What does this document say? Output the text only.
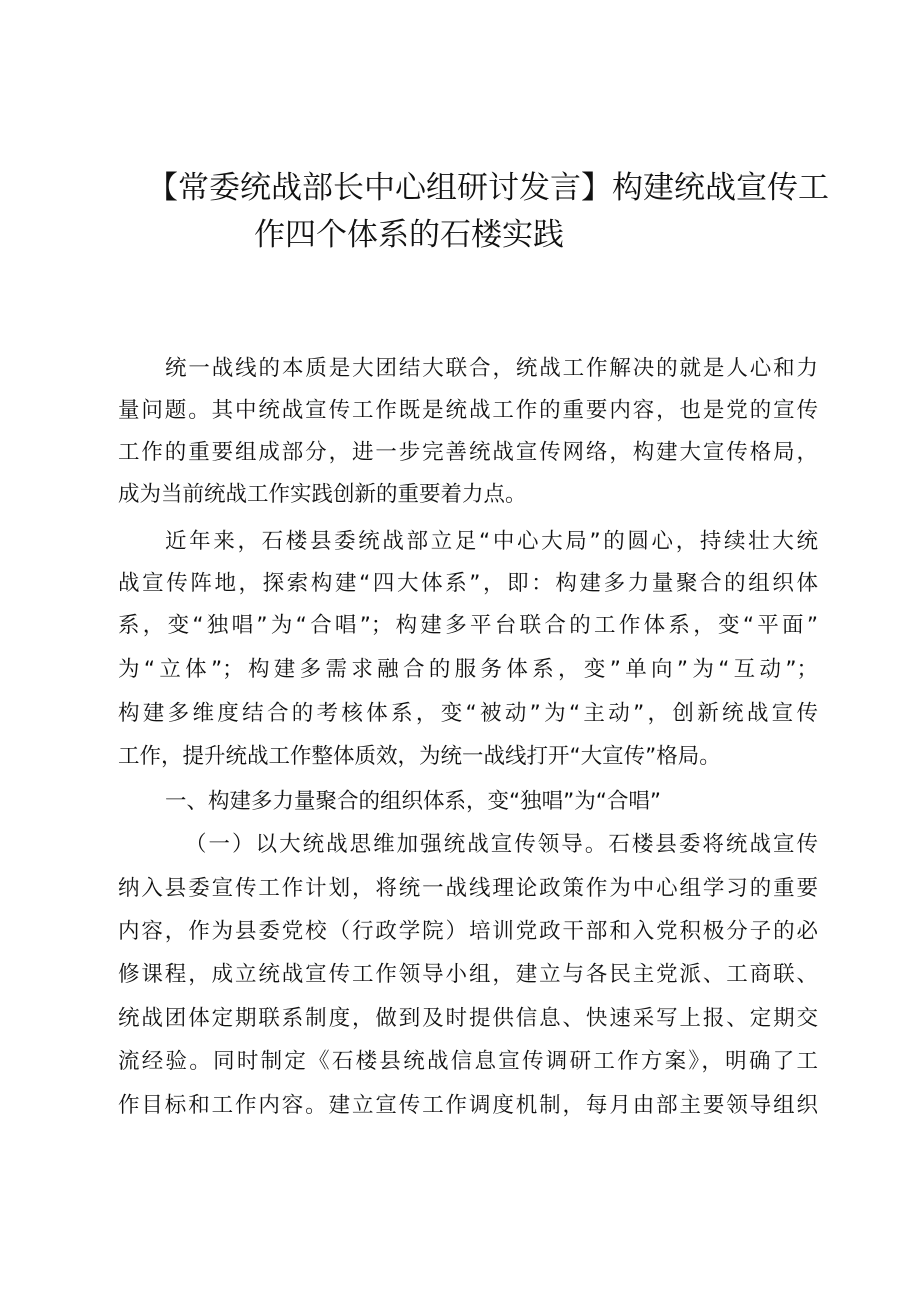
【常委统战部长中心组研讨发言】构建统战宣传工
作四个体系的石楼实践
统一战线的本质是大团结大联合，统战工作解决的就是人心和力
量问题。其中统战宣传工作既是统战工作的重要内容，也是党的宣传
工作的重要组成部分，进一步完善统战宣传网络，构建大宣传格局，
成为当前统战工作实践创新的重要着力点。
近年来，石楼县委统战部立足“中心大局”的圆心，持续壮大统
战宣传阵地，探索构建“四大体系”，即：构建多力量聚合的组织体
系，变“独唱”为“合唱”；构建多平台联合的工作体系，变“平面”
为“立体”；构建多需求融合的服务体系，变”单向”为“互动”；
构建多维度结合的考核体系，变“被动”为“主动”，创新统战宣传
工作，提升统战工作整体质效，为统一战线打开“大宣传”格局。
一、构建多力量聚合的组织体系，变“独唱”为“合唱”
（一）以大统战思维加强统战宣传领导。石楼县委将统战宣传
纳入县委宣传工作计划，将统一战线理论政策作为中心组学习的重要
内容，作为县委党校（行政学院）培训党政干部和入党积极分子的必
修课程，成立统战宣传工作领导小组，建立与各民主党派、工商联、
统战团体定期联系制度，做到及时提供信息、快速采写上报、定期交
流经验。同时制定《石楼县统战信息宣传调研工作方案》，明确了工
作目标和工作内容。建立宣传工作调度机制，每月由部主要领导组织
